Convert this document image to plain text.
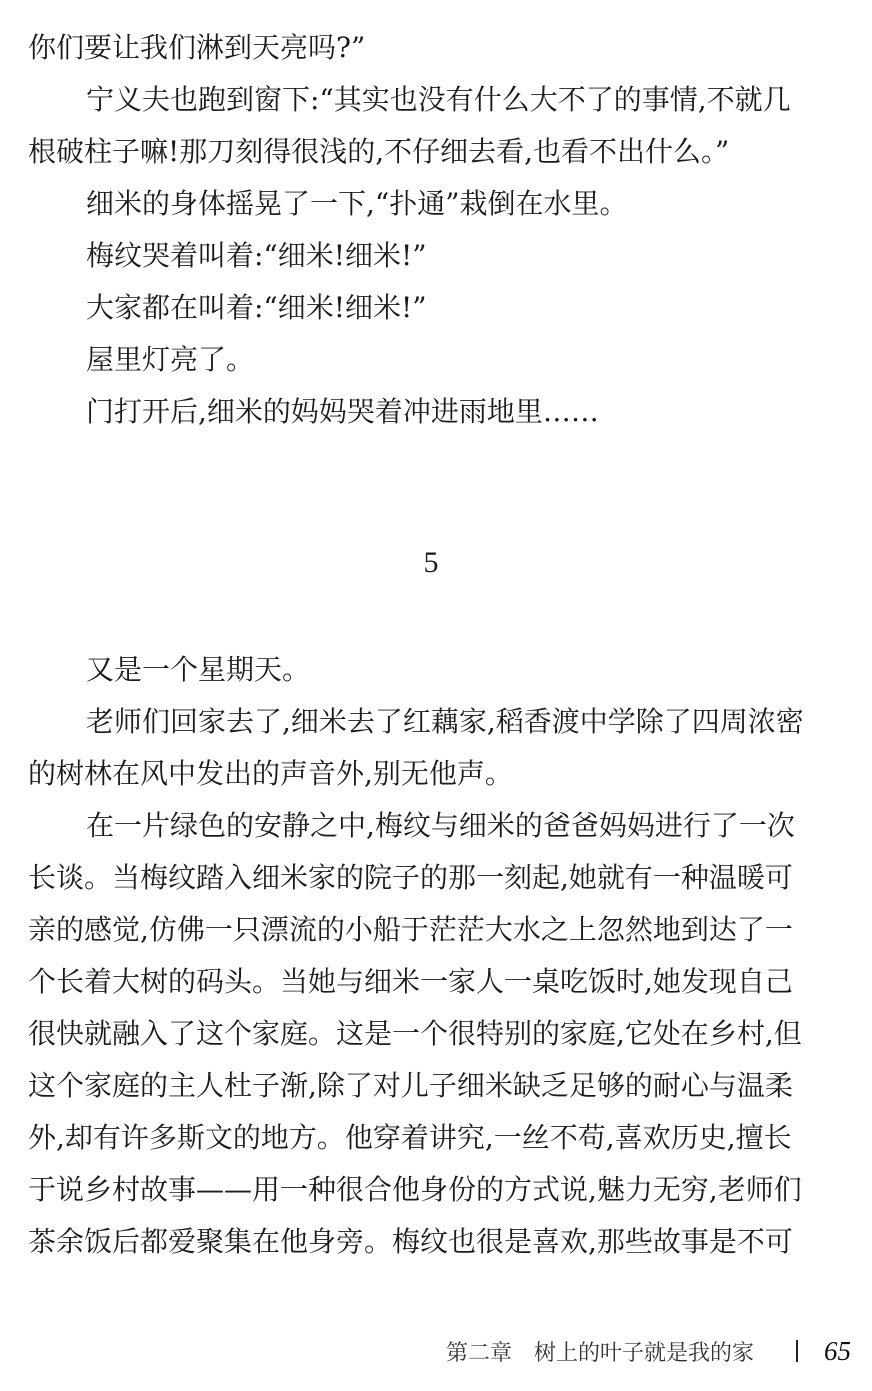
你们要让我们淋到天亮吗?”
宁义夫也跑到窗下:“其实也没有什么大不了的事情,不就几
根破柱子嘛!那刀刻得很浅的,不仔细去看,也看不出什么。”
细米的身体摇晃了一下,“扑通”栽倒在水里。
梅纹哭着叫着:“细米!细米!”
大家都在叫着:“细米!细米!”
屋里灯亮了。
门打开后,细米的妈妈哭着冲进雨地里……
5
又是一个星期天。
老师们回家去了,细米去了红藕家,稻香渡中学除了四周浓密
的树林在风中发出的声音外,别无他声。
在一片绿色的安静之中,梅纹与细米的爸爸妈妈进行了一次
长谈。当梅纹踏入细米家的院子的那一刻起,她就有一种温暖可
亲的感觉,仿佛一只漂流的小船于茫茫大水之上忽然地到达了一
个长着大树的码头。当她与细米一家人一桌吃饭时,她发现自己
很快就融入了这个家庭。这是一个很特别的家庭,它处在乡村,但
这个家庭的主人杜子渐,除了对儿子细米缺乏足够的耐心与温柔
外,却有许多斯文的地方。他穿着讲究,一丝不苟,喜欢历史,擅长
于说乡村故事——用一种很合他身份的方式说,魅力无穷,老师们
茶余饭后都爱聚集在他身旁。梅纹也很是喜欢,那些故事是不可
第二章　树上的叶子就是我的家	65
